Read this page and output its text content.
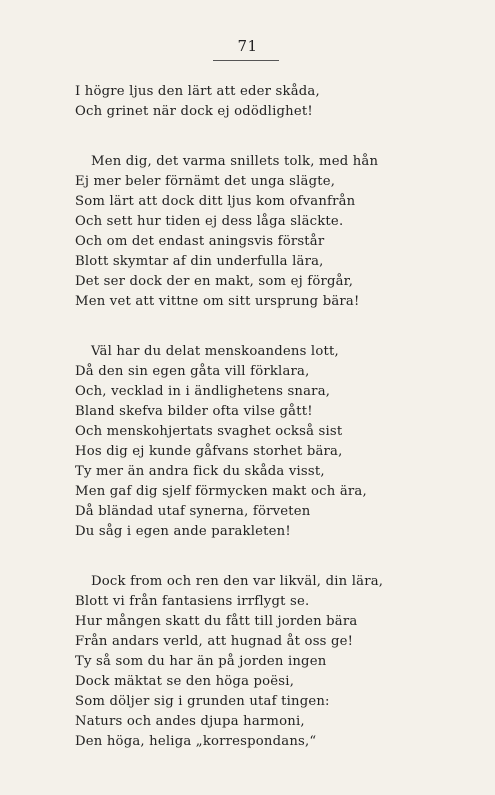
71
I högre ljus den lärt att eder skåda,
Och grinet när dock ej odödlighet!
Men dig, det varma snillets tolk, med hån
Ej mer beler förnämt det unga slägte,
Som lärt att dock ditt ljus kom ofvanfrån
Och sett hur tiden ej dess låga släckte.
Och om det endast aningsvis förstår
Blott skymtar af din underfulla lära,
Det ser dock der en makt, som ej förgår,
Men vet att vittne om sitt ursprung bära!
Väl har du delat menskoandens lott,
Då den sin egen gåta vill förklara,
Och, vecklad in i ändlighetens snara,
Bland skefva bilder ofta vilse gått!
Och menskohjertats svaghet också sist
Hos dig ej kunde gåfvans storhet bära,
Ty mer än andra fick du skåda visst,
Men gaf dig sjelf förmycken makt och ära,
Då bländad utaf synerna, förveten
Du såg i egen ande parakleten!
Dock from och ren den var likväl, din lära,
Blott vi från fantasiens irrflygt se.
Hur mången skatt du fått till jorden bära
Från andars verld, att hugnad åt oss ge!
Ty så som du har än på jorden ingen
Dock mäktat se den höga poësi,
Som döljer sig i grunden utaf tingen:
Naturs och andes djupa harmoni,
Den höga, heliga „korrespondans,“
